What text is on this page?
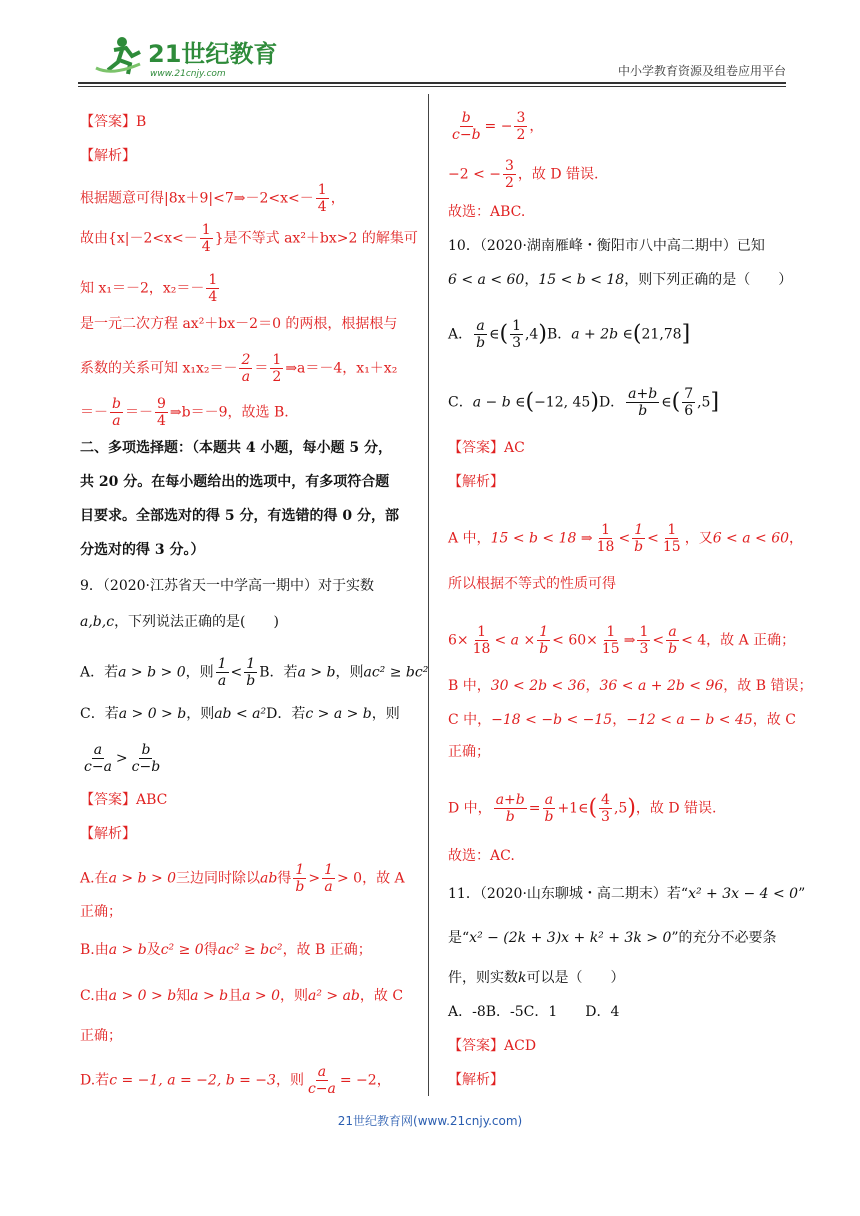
21世纪教育
www.21cnjy.com	中小学教育资源及组卷应用平台
【答案】B
【解析】
根据题意可得|8x＋9|<7⇒－2<x<－ $\frac{1}{4}$ ，
故由{$x|-2<x<- \frac{1}{4}$ }是不等式 ax²＋bx>2 的解集可
知 x₁＝－2，$x_2=- \frac{1}{4}$
是一元二次方程 ax²＋bx－2＝0 的两根，根据根与
系数的关系可知 $x_1x_2=- \frac{2}{a} = \frac{1}{2}$ ⇒a＝－4，x₁＋x₂
＝－ $\frac{b}{a} =- \frac{9}{4}$ ⇒b＝－9，故选 B.
二、多项选择题：（本题共 4 小题，每小题 5 分，
共 20 分。在每小题给出的选项中，有多项符合题
目要求。全部选对的得 5 分，有选错的得 0 分，部
分选对的得 3 分。）
9．（2020·江苏省天一中学高一期中）对于实数
a,b,c，下列说法正确的是(　　)
A．若a > b > 0，则 $\frac{1}{a} < \frac{1}{b}$ B．若a > b，则ac² ≥ bc²
C．若a > 0 > b，则ab < a²D．若c > a > b，则
$\frac{a}{c-a} > \frac{b}{c-b}$
【答案】ABC
【解析】
A.在a > b > 0三边同时除以ab得 $\frac{1}{b} > \frac{1}{a} > 0$，故 A
正确；
B.由a > b及c² ≥ 0得ac² ≥ bc²，故 B 正确；
C.由a > 0 > b知a > b且a > 0，则a² > ab，故 C
正确；
D.若c = −1, a = −2, b = −3，则 $\frac{a}{c-a} = -2$，
$\frac{b}{c-b}$ = − $\frac{3}{2}$ ，
−2 < − $\frac{3}{2}$ ，故 D 错误.
故选：ABC.
10．（2020·湖南雁峰・衡阳市八中高二期中）已知
6 < a < 60，15 < b < 18，则下列正确的是（　　）
A． $\frac{a}{b}$ ∈( $\frac{1}{3} ,4)B$．a + 2b ∈(21,78]
C．a − b ∈(−12, 45)D． $\frac{a+b}{b}$ ∈( $\frac{7}{6} ,5$]
【答案】AC
【解析】
A 中，15 < b < 18 ⇒ $\frac{1}{18} < \frac{1}{b} < \frac{1}{15}$ ，又6 < a < 60，
所以根据不等式的性质可得
$6\times \frac{1}{18} < a \times \frac{1}{b} < 60\times \frac{1}{15}$ ⇒ $\frac{1}{3} < \frac{a}{b} < 4$，故 A 正确；
B 中，30 < 2b < 36，36 < a + 2b < 96，故 B 错误；
C 中，−18 < −b < −15，−12 < a − b < 45，故 C
正确；
D 中， $\frac{a+b}{b} = \frac{a}{b}$ +1∈( $\frac{4}{3} ,5$)，故 D 错误.
故选：AC.
11．（2020·山东聊城・高二期末）若“x² + 3x − 4 < 0”
是“x² − (2k + 3)x + k² + 3k > 0”的充分不必要条
件，则实数k可以是（　　）
A．-8B．-5C．1　　D．4
【答案】ACD
【解析】
21世纪教育网(www.21cnjy.com)
